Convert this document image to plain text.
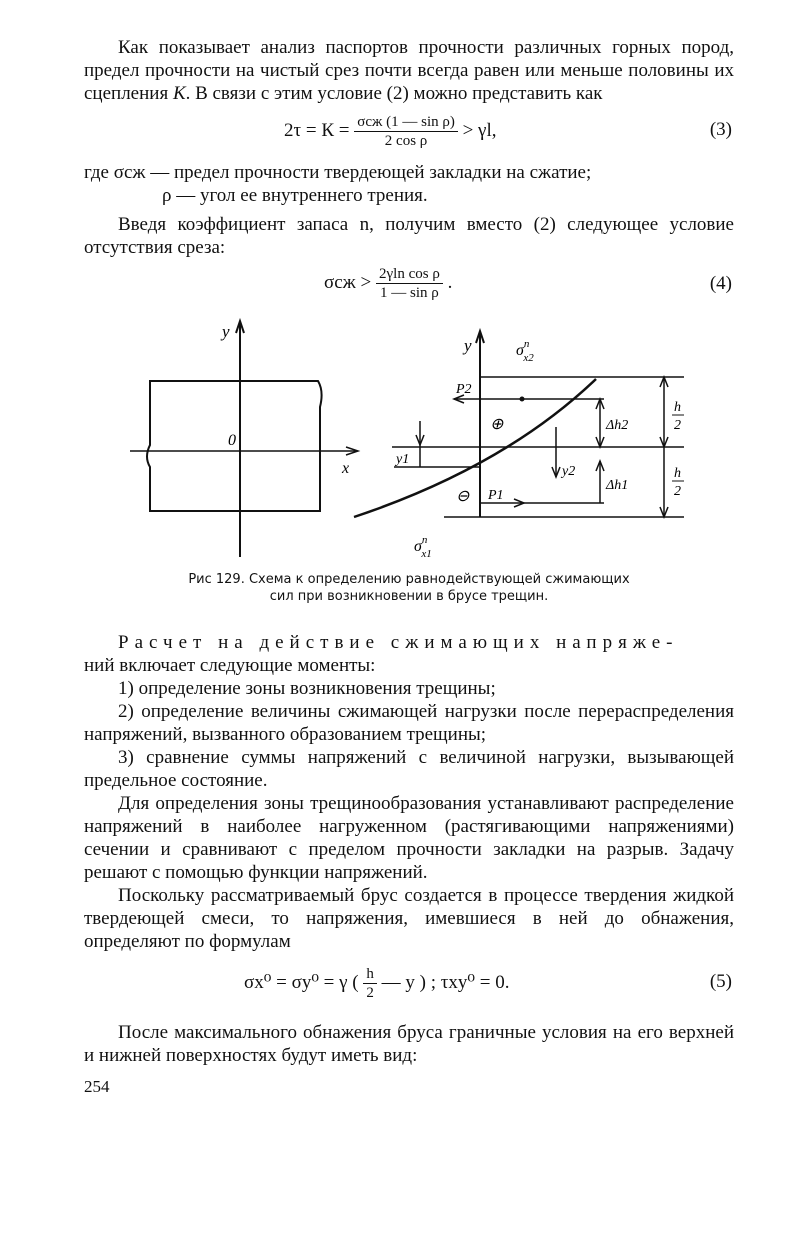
Как показывает анализ паспортов прочности различных горных пород, предел прочности на чистый срез почти всегда равен или меньше половины их сцепления К. В связи с этим условие (2) можно представить как

$2\tau = К = \frac{\text{σсж (1 — sin ρ)}}{\text{2 cos ρ}} > \gamma l$,	(3)

где σсж — предел прочности твердеющей закладки на сжатие;

ρ — угол ее внутреннего трения.

Введя коэффициент запаса n, получим вместо (2) следующее условие отсутствия среза:

$\sigma сж > \frac{\text{2γln cos ρ}}{\text{1 — sin ρ}}$ .	(4)
y
0
x
y	$\sigma^n$ x2
$\sigma^n$ x1
P2
P1
⊕
⊖
Δh2
Δh1
y1
y2
h
2
h
2

Рис 129. Схема к определению равнодействующей сжимающих

сил при возникновении в брусе трещин.

Расчет на действие сжимающих напряже-
ний включает следующие моменты:

1) определение зоны возникновения трещины;

2) определение величины сжимающей нагрузки после перераспределения напряжений, вызванного образованием трещины;

3) сравнение суммы напряжений с величиной нагрузки, вызывающей предельное состояние.

Для определения зоны трещинообразования устанавливают распределение напряжений в наиболее нагруженном (растягивающими напряжениями) сечении и сравнивают с пределом прочности закладки на разрыв. Задачу решают с помощью функции напряжений.

Поскольку рассматриваемый брус создается в процессе твердения жидкой твердеющей смеси, то напряжения, имевшиеся в ней до обнажения, определяют по формулам

σx⁰ = σy⁰ = γ ( $\frac{h}{2}$ — y ) ; τxy⁰ = 0.	(5)

После максимального обнажения бруса граничные условия на его верхней и нижней поверхностях будут иметь вид:

254
